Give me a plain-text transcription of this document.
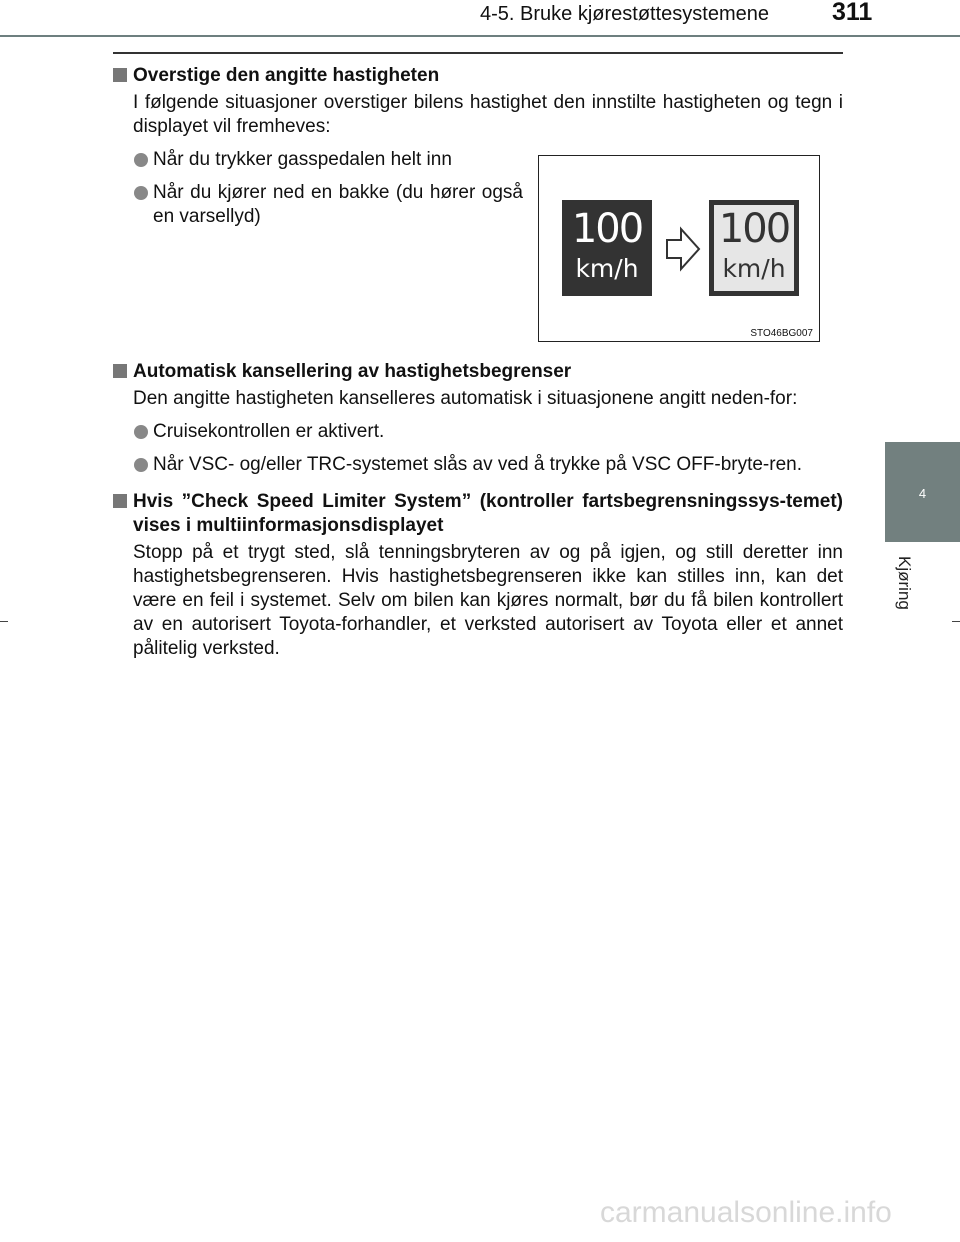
4-5. Bruke kjørestøttesystemene	311
4
Kjøring
Overstige den angitte hastigheten
I følgende situasjoner overstiger bilens hastighet den innstilte hastigheten og tegn i displayet vil fremheves:
Når du trykker gasspedalen helt inn
Når du kjører ned en bakke (du hører også en varsellyd)	100
km/h
100
km/h
STO46BG007
Automatisk kansellering av hastighetsbegrenser
Den angitte hastigheten kanselleres automatisk i situasjonene angitt neden-for:
Cruisekontrollen er aktivert.
Når VSC- og/eller TRC-systemet slås av ved å trykke på VSC OFF-bryte-ren.
Hvis ”Check Speed Limiter System” (kontroller fartsbegrensningssys-temet) vises i multiinformasjonsdisplayet
Stopp på et trygt sted, slå tenningsbryteren av og på igjen, og still deretter inn hastighetsbegrenseren. Hvis hastighetsbegrenseren ikke kan stilles inn, kan det være en feil i systemet. Selv om bilen kan kjøres normalt, bør du få bilen kontrollert av en autorisert Toyota-forhandler, et verksted autorisert av Toyota eller et annet pålitelig verksted.
carmanualsonline.info
